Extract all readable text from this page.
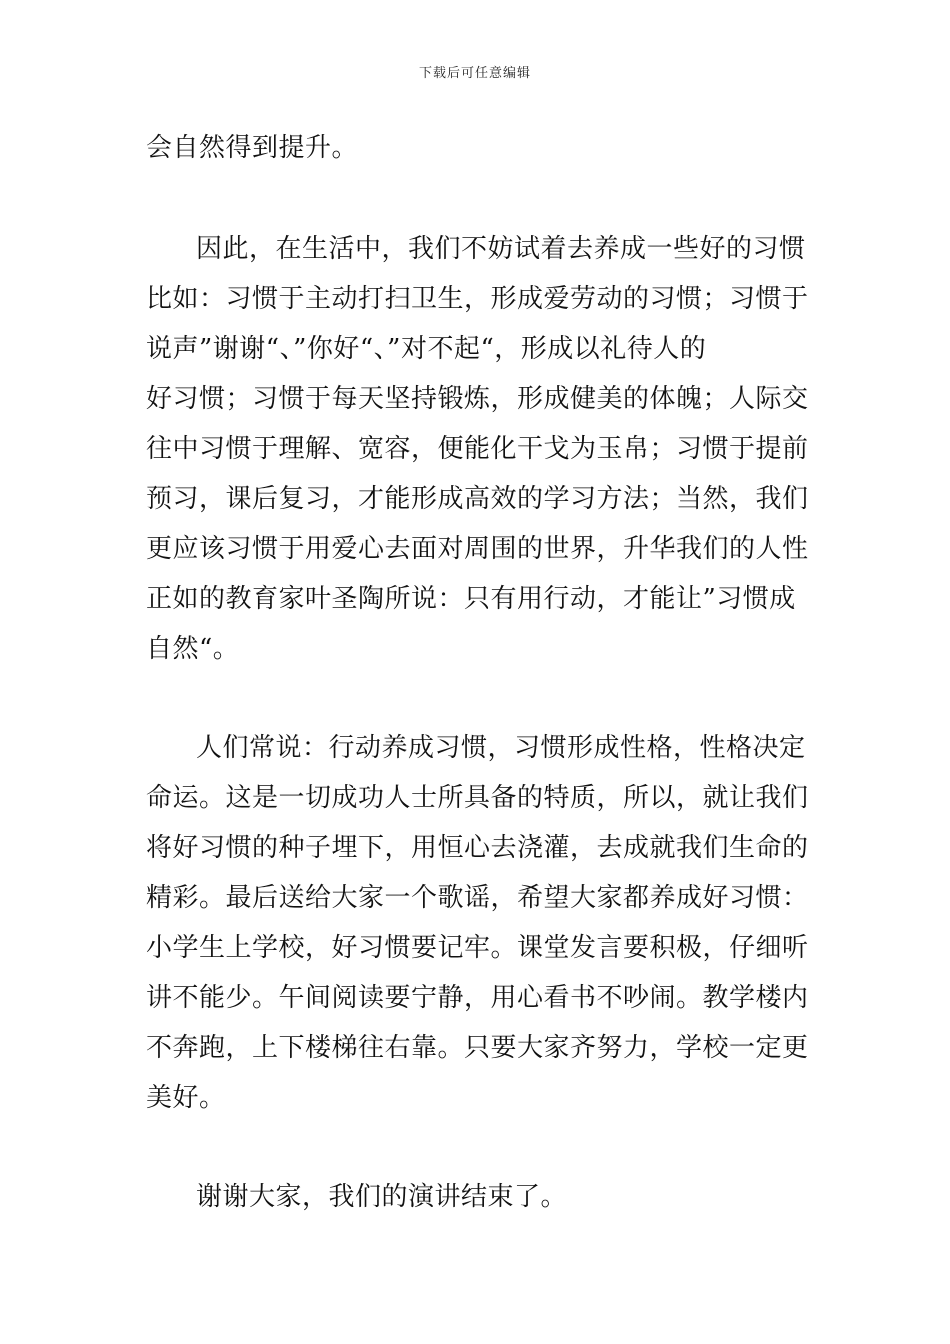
下载后可任意编辑
会自然得到提升。
因此，在生活中，我们不妨试着去养成一些好的习惯
比如：习惯于主动打扫卫生，形成爱劳动的习惯；习惯于
说声”谢谢“、”你好“、”对不起“，形成以礼待人的
好习惯；习惯于每天坚持锻炼，形成健美的体魄；人际交
往中习惯于理解、宽容，便能化干戈为玉帛；习惯于提前
预习，课后复习，才能形成高效的学习方法；当然，我们
更应该习惯于用爱心去面对周围的世界，升华我们的人性
正如的教育家叶圣陶所说：只有用行动，才能让”习惯成
自然“。
人们常说：行动养成习惯，习惯形成性格，性格决定
命运。这是一切成功人士所具备的特质，所以，就让我们
将好习惯的种子埋下，用恒心去浇灌，去成就我们生命的
精彩。最后送给大家一个歌谣，希望大家都养成好习惯：
小学生上学校，好习惯要记牢。课堂发言要积极，仔细听
讲不能少。午间阅读要宁静，用心看书不吵闹。教学楼内
不奔跑，上下楼梯往右靠。只要大家齐努力，学校一定更
美好。
谢谢大家，我们的演讲结束了。
